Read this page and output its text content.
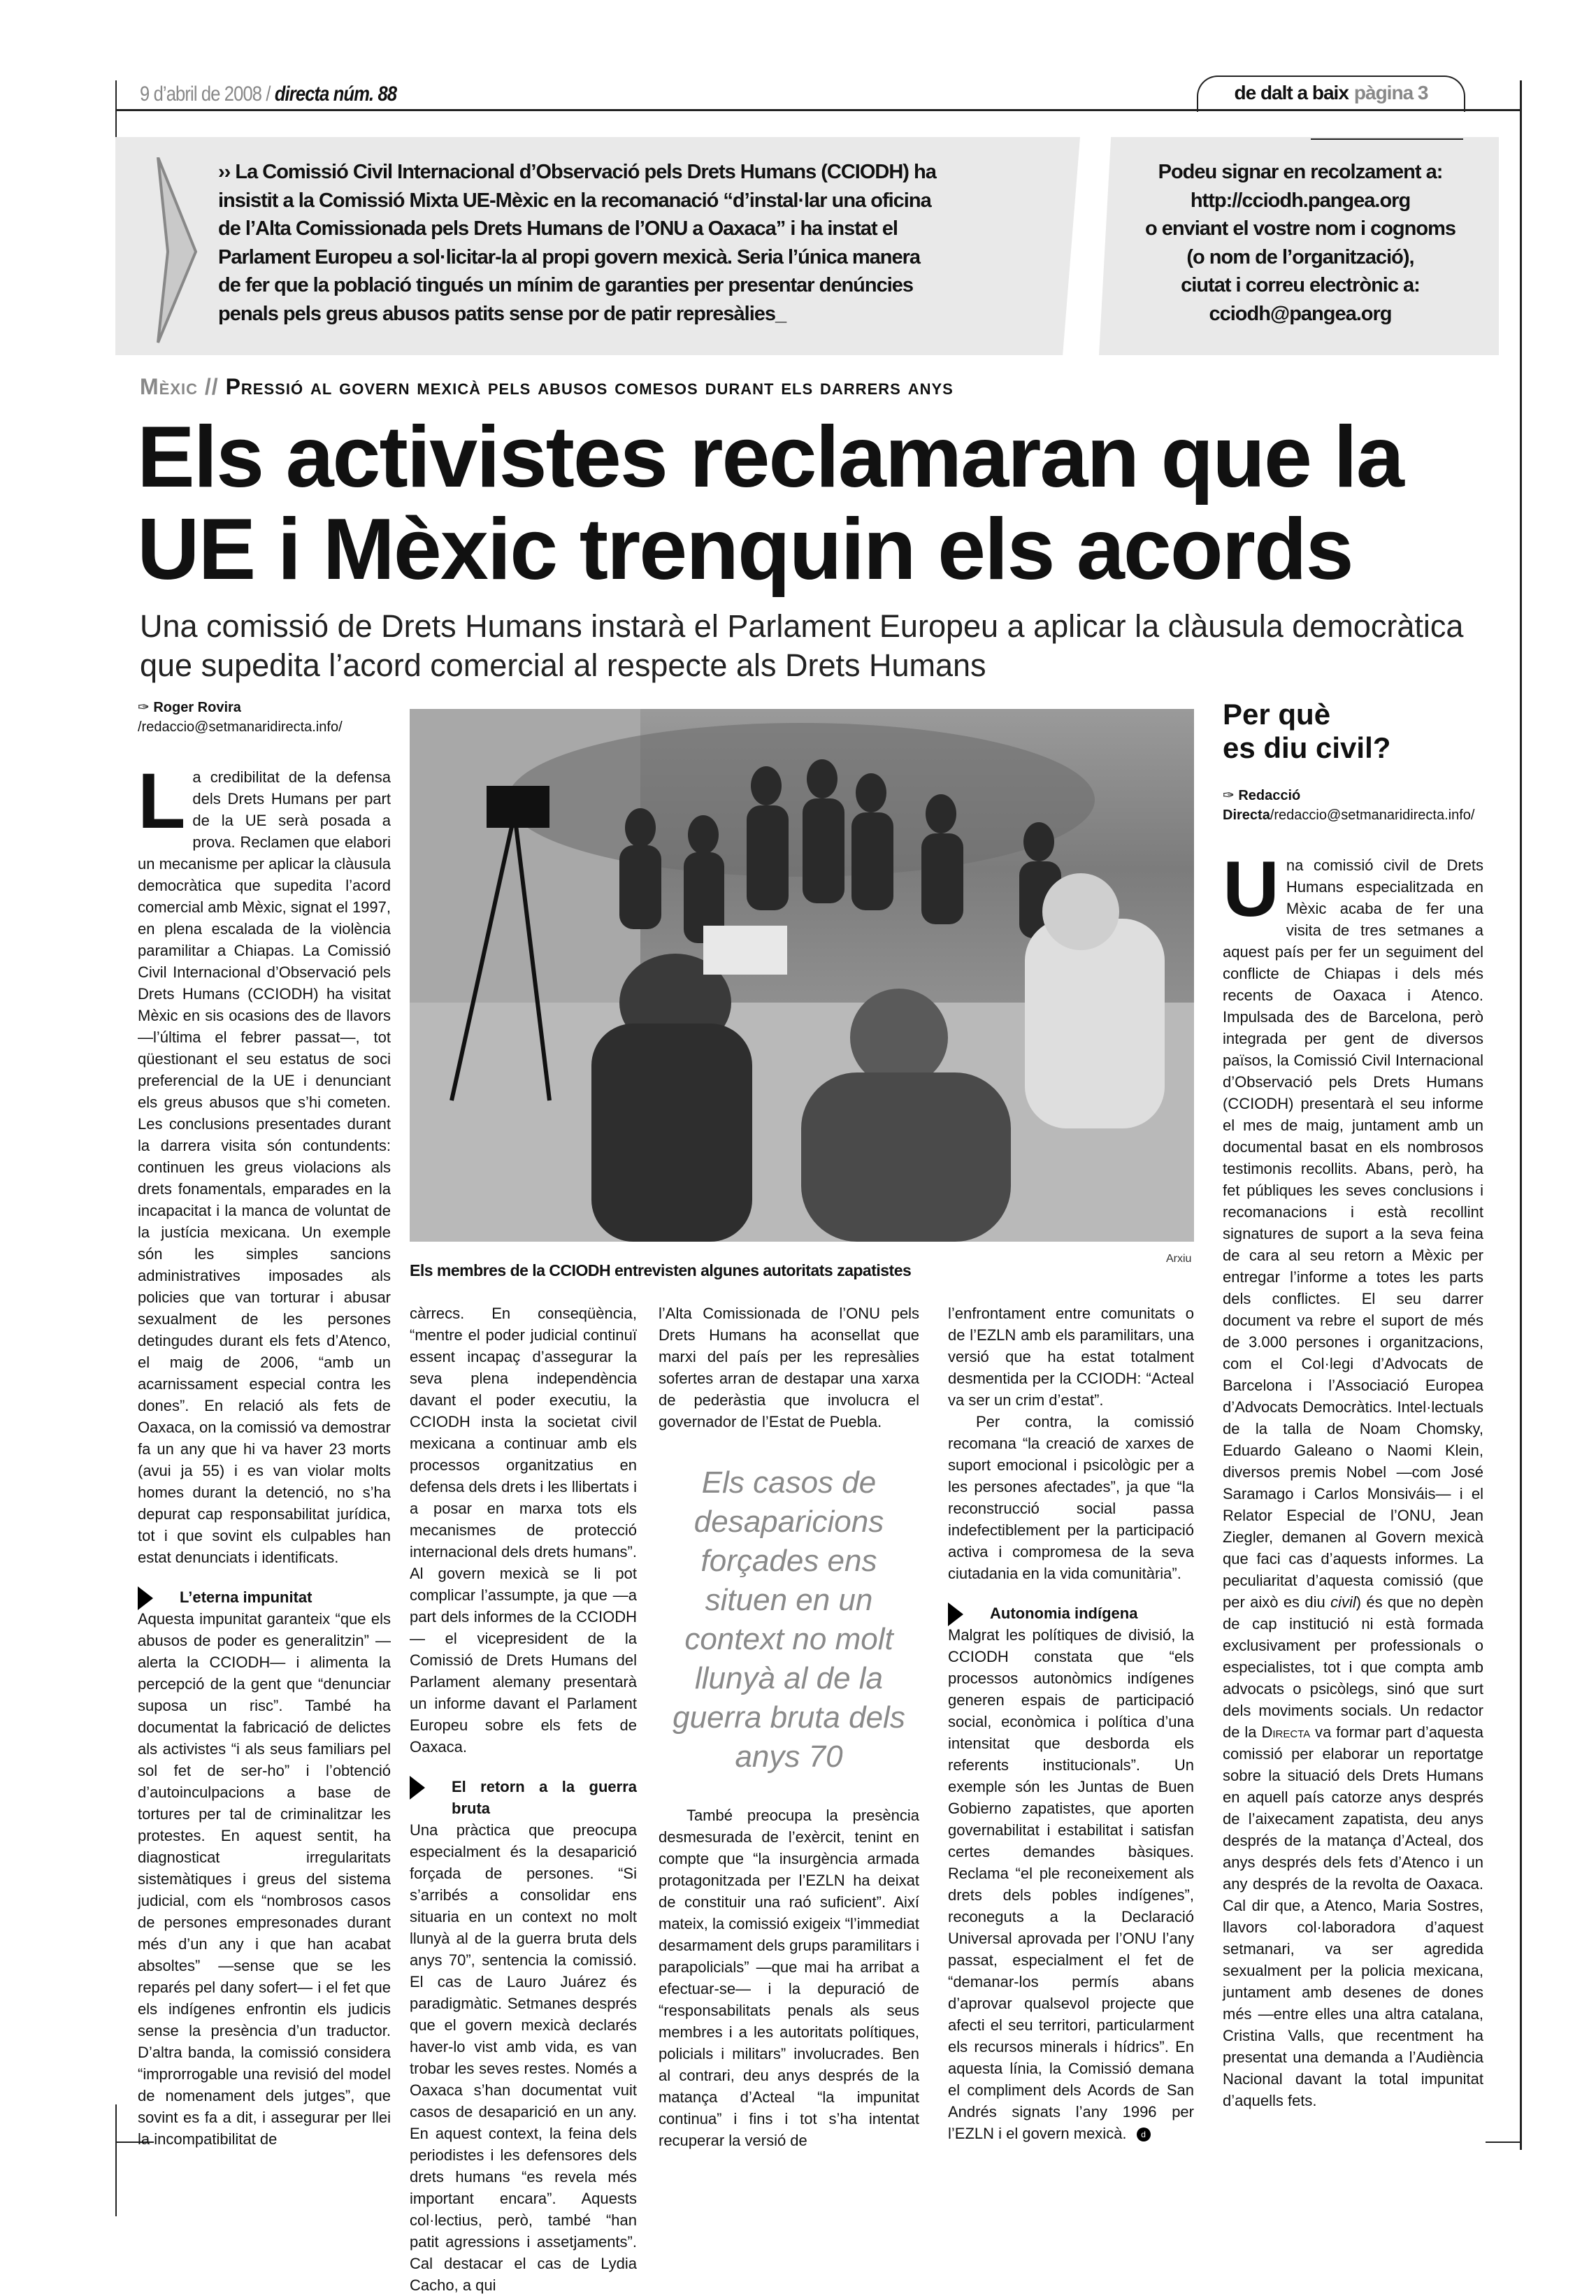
9 d’abril de 2008 / directa núm. 88	de dalt a baix pàgina 3
›› La Comissió Civil Internacional d’Observació pels Drets Humans (CCIODH) ha
insistit a la Comissió Mixta UE-Mèxic en la recomanació “d’instal·lar una oficina
de l’Alta Comissionada pels Drets Humans de l’ONU a Oaxaca” i ha instat el
Parlament Europeu a sol·licitar-la al propi govern mexicà. Seria l’única manera
de fer que la població tingués un mínim de garanties per presentar denúncies
penals pels greus abusos patits sense por de patir represàlies_
Podeu signar en recolzament a:
http://cciodh.pangea.org
o enviant el vostre nom i cognoms
(o nom de l’organització),
ciutat i correu electrònic a:
cciodh@pangea.org
Mèxic // Pressió al govern mexicà pels abusos comesos durant els darrers anys
Els activistes reclamaran que la
UE i Mèxic trenquin els acords
Una comissió de Drets Humans instarà el Parlament Europeu a aplicar la clàusula democràtica que supedita l’acord comercial al respecte als Drets Humans
Arxiu
Els membres de la CCIODH entrevisten algunes autoritats zapatistes
✑ Roger Rovira
/redaccio@setmanaridirecta.info/

La credibilitat de la defensa dels Drets Humans per part de la UE serà posada a prova. Reclamen que elabori un mecanisme per aplicar la clàusula democràtica que supedita l’acord comercial amb Mèxic, signat el 1997, en plena escalada de la violència paramilitar a Chiapas. La Comissió Civil Internacional d’Observació pels Drets Humans (CCIODH) ha visitat Mèxic en sis ocasions des de llavors —l’última el febrer passat—, tot qüestionant el seu estatus de soci preferencial de la UE i denunciant els greus abusos que s’hi cometen. Les conclusions presentades durant la darrera visita són contundents: continuen les greus violacions als drets fonamentals, emparades en la incapacitat i la manca de voluntat de la justícia mexicana. Un exemple són les simples sancions administratives imposades als policies que van torturar i abusar sexualment de les persones detingudes durant els fets d’Atenco, el maig de 2006, “amb un acarnissament especial contra les dones”. En relació als fets de Oaxaca, on la comissió va demostrar fa un any que hi va haver 23 morts (avui ja 55) i es van violar molts homes durant la detenció, no s’ha depurat cap responsabilitat jurídica, tot i que sovint els culpables han estat denunciats i identificats.

L’eterna impunitat

Aquesta impunitat garanteix “que els abusos de poder es generalitzin” —alerta la CCIODH— i alimenta la percepció de la gent que “denunciar suposa un risc”. També ha documentat la fabricació de delictes als activistes “i als seus familiars pel sol fet de ser-ho” i l’obtenció d’autoinculpacions a base de tortures per tal de criminalitzar les protestes. En aquest sentit, ha diagnosticat irregularitats sistemàtiques i greus del sistema judicial, com els “nombrosos casos de persones empresonades durant més d’un any i que han acabat absoltes” —sense que se les reparés pel dany sofert— i el fet que els indígenes enfrontin els judicis sense la presència d’un traductor. D’altra banda, la comissió considera “improrrogable una revisió del model de nomenament dels jutges”, que sovint es fa a dit, i assegurar per llei la incompatibilitat de

càrrecs. En conseqüència, “mentre el poder judicial continuï essent incapaç d’assegurar la seva plena independència davant el poder executiu, la CCIODH insta la societat civil mexicana a continuar amb els processos organitzatius en defensa dels drets i les llibertats i a posar en marxa tots els mecanismes de protecció internacional dels drets humans”. Al govern mexicà se li pot complicar l’assumpte, ja que —a part dels informes de la CCIODH— el vicepresident de la Comissió de Drets Humans del Parlament alemany presentarà un informe davant el Parlament Europeu sobre els fets de Oaxaca.

El retorn a la guerra bruta

Una pràctica que preocupa especialment és la desaparició forçada de persones. “Si s’arribés a consolidar ens situaria en un context no molt llunyà al de la guerra bruta dels anys 70”, sentencia la comissió. El cas de Lauro Juárez és paradigmàtic. Setmanes després que el govern mexicà declarés haver-lo vist amb vida, es van trobar les seves restes. Només a Oaxaca s’han documentat vuit casos de desaparició en un any. En aquest context, la feina dels periodistes i les defensores dels drets humans “es revela més important encara”. Aquests col·lectius, però, també “han patit agressions i assetjaments”. Cal destacar el cas de Lydia Cacho, a qui

l’Alta Comissionada de l’ONU pels Drets Humans ha aconsellat que marxi del país per les represàlies sofertes arran de destapar una xarxa de pederàstia que involucra el governador de l’Estat de Puebla.

Els casos de desaparicions forçades ens situen en un context no molt llunyà al de la guerra bruta dels anys 70

També preocupa la presència desmesurada de l’exèrcit, tenint en compte que “la insurgència armada protagonitzada per l’EZLN ha deixat de constituir una raó suficient”. Així mateix, la comissió exigeix “l’immediat desarmament dels grups paramilitars i parapolicials” —que mai ha arribat a efectuar-se— i la depuració de “responsabilitats penals als seus membres i a les autoritats polítiques, policials i militars” involucrades. Ben al contrari, deu anys després de la matança d’Acteal “la impunitat continua” i fins i tot s’ha intentat recuperar la versió de

l’enfrontament entre comunitats o de l’EZLN amb els paramilitars, una versió que ha estat totalment desmentida per la CCIODH: “Acteal va ser un crim d’estat”.

Per contra, la comissió recomana “la creació de xarxes de suport emocional i psicològic per a les persones afectades”, ja que “la reconstrucció social passa indefectiblement per la participació activa i compromesa de la seva ciutadania en la vida comunitària”.

Autonomia indígena

Malgrat les polítiques de divisió, la CCIODH constata que “els processos autonòmics indígenes generen espais de participació social, econòmica i política d’una intensitat que desborda els referents institucionals”. Un exemple són les Juntas de Buen Gobierno zapatistes, que aporten governabilitat i estabilitat i satisfan certes demandes bàsiques. Reclama “el ple reconeixement als drets dels pobles indígenes”, reconeguts a la Declaració Universal aprovada per l’ONU l’any passat, especialment el fet de “demanar-los permís abans d’aprovar qualsevol projecte que afecti el seu territori, particularment els recursos minerals i hídrics”. En aquesta línia, la Comissió demana el compliment dels Acords de San Andrés signats l’any 1996 per l’EZLN i el govern mexicà. d

Per què
es diu civil?
✑ Redacció Directa/redaccio@setmanaridirecta.info/

Una comissió civil de Drets Humans especialitzada en Mèxic acaba de fer una visita de tres setmanes a aquest país per fer un seguiment del conflicte de Chiapas i dels més recents de Oaxaca i Atenco. Impulsada des de Barcelona, però integrada per gent de diversos països, la Comissió Civil Internacional d’Observació pels Drets Humans (CCIODH) presentarà el seu informe el mes de maig, juntament amb un documental basat en els nombrosos testimonis recollits. Abans, però, ha fet públiques les seves conclusions i recomanacions i està recollint signatures de suport a la seva feina de cara al seu retorn a Mèxic per entregar l’informe a totes les parts dels conflictes. El seu darrer document va rebre el suport de més de 3.000 persones i organitzacions, com el Col·legi d’Advocats de Barcelona i l’Associació Europea d’Advocats Democràtics. Intel·lectuals de la talla de Noam Chomsky, Eduardo Galeano o Naomi Klein, diversos premis Nobel —com José Saramago i Carlos Monsiváis— i el Relator Especial de l’ONU, Jean Ziegler, demanen al Govern mexicà que faci cas d’aquests informes. La peculiaritat d’aquesta comissió (que per això es diu civil) és que no depèn de cap institució ni està formada exclusivament per professionals o especialistes, tot i que compta amb advocats o psicòlegs, sinó que surt dels moviments socials. Un redactor de la Directa va formar part d’aquesta comissió per elaborar un reportatge sobre la situació dels Drets Humans en aquell país catorze anys després de l’aixecament zapatista, deu anys després de la matança d’Acteal, dos anys després dels fets d’Atenco i un any després de la revolta de Oaxaca. Cal dir que, a Atenco, Maria Sostres, llavors col·laboradora d’aquest setmanari, va ser agredida sexualment per la policia mexicana, juntament amb desenes de dones més —entre elles una altra catalana, Cristina Valls, que recentment ha presentat una demanda a l’Audiència Nacional davant la total impunitat d’aquells fets.
